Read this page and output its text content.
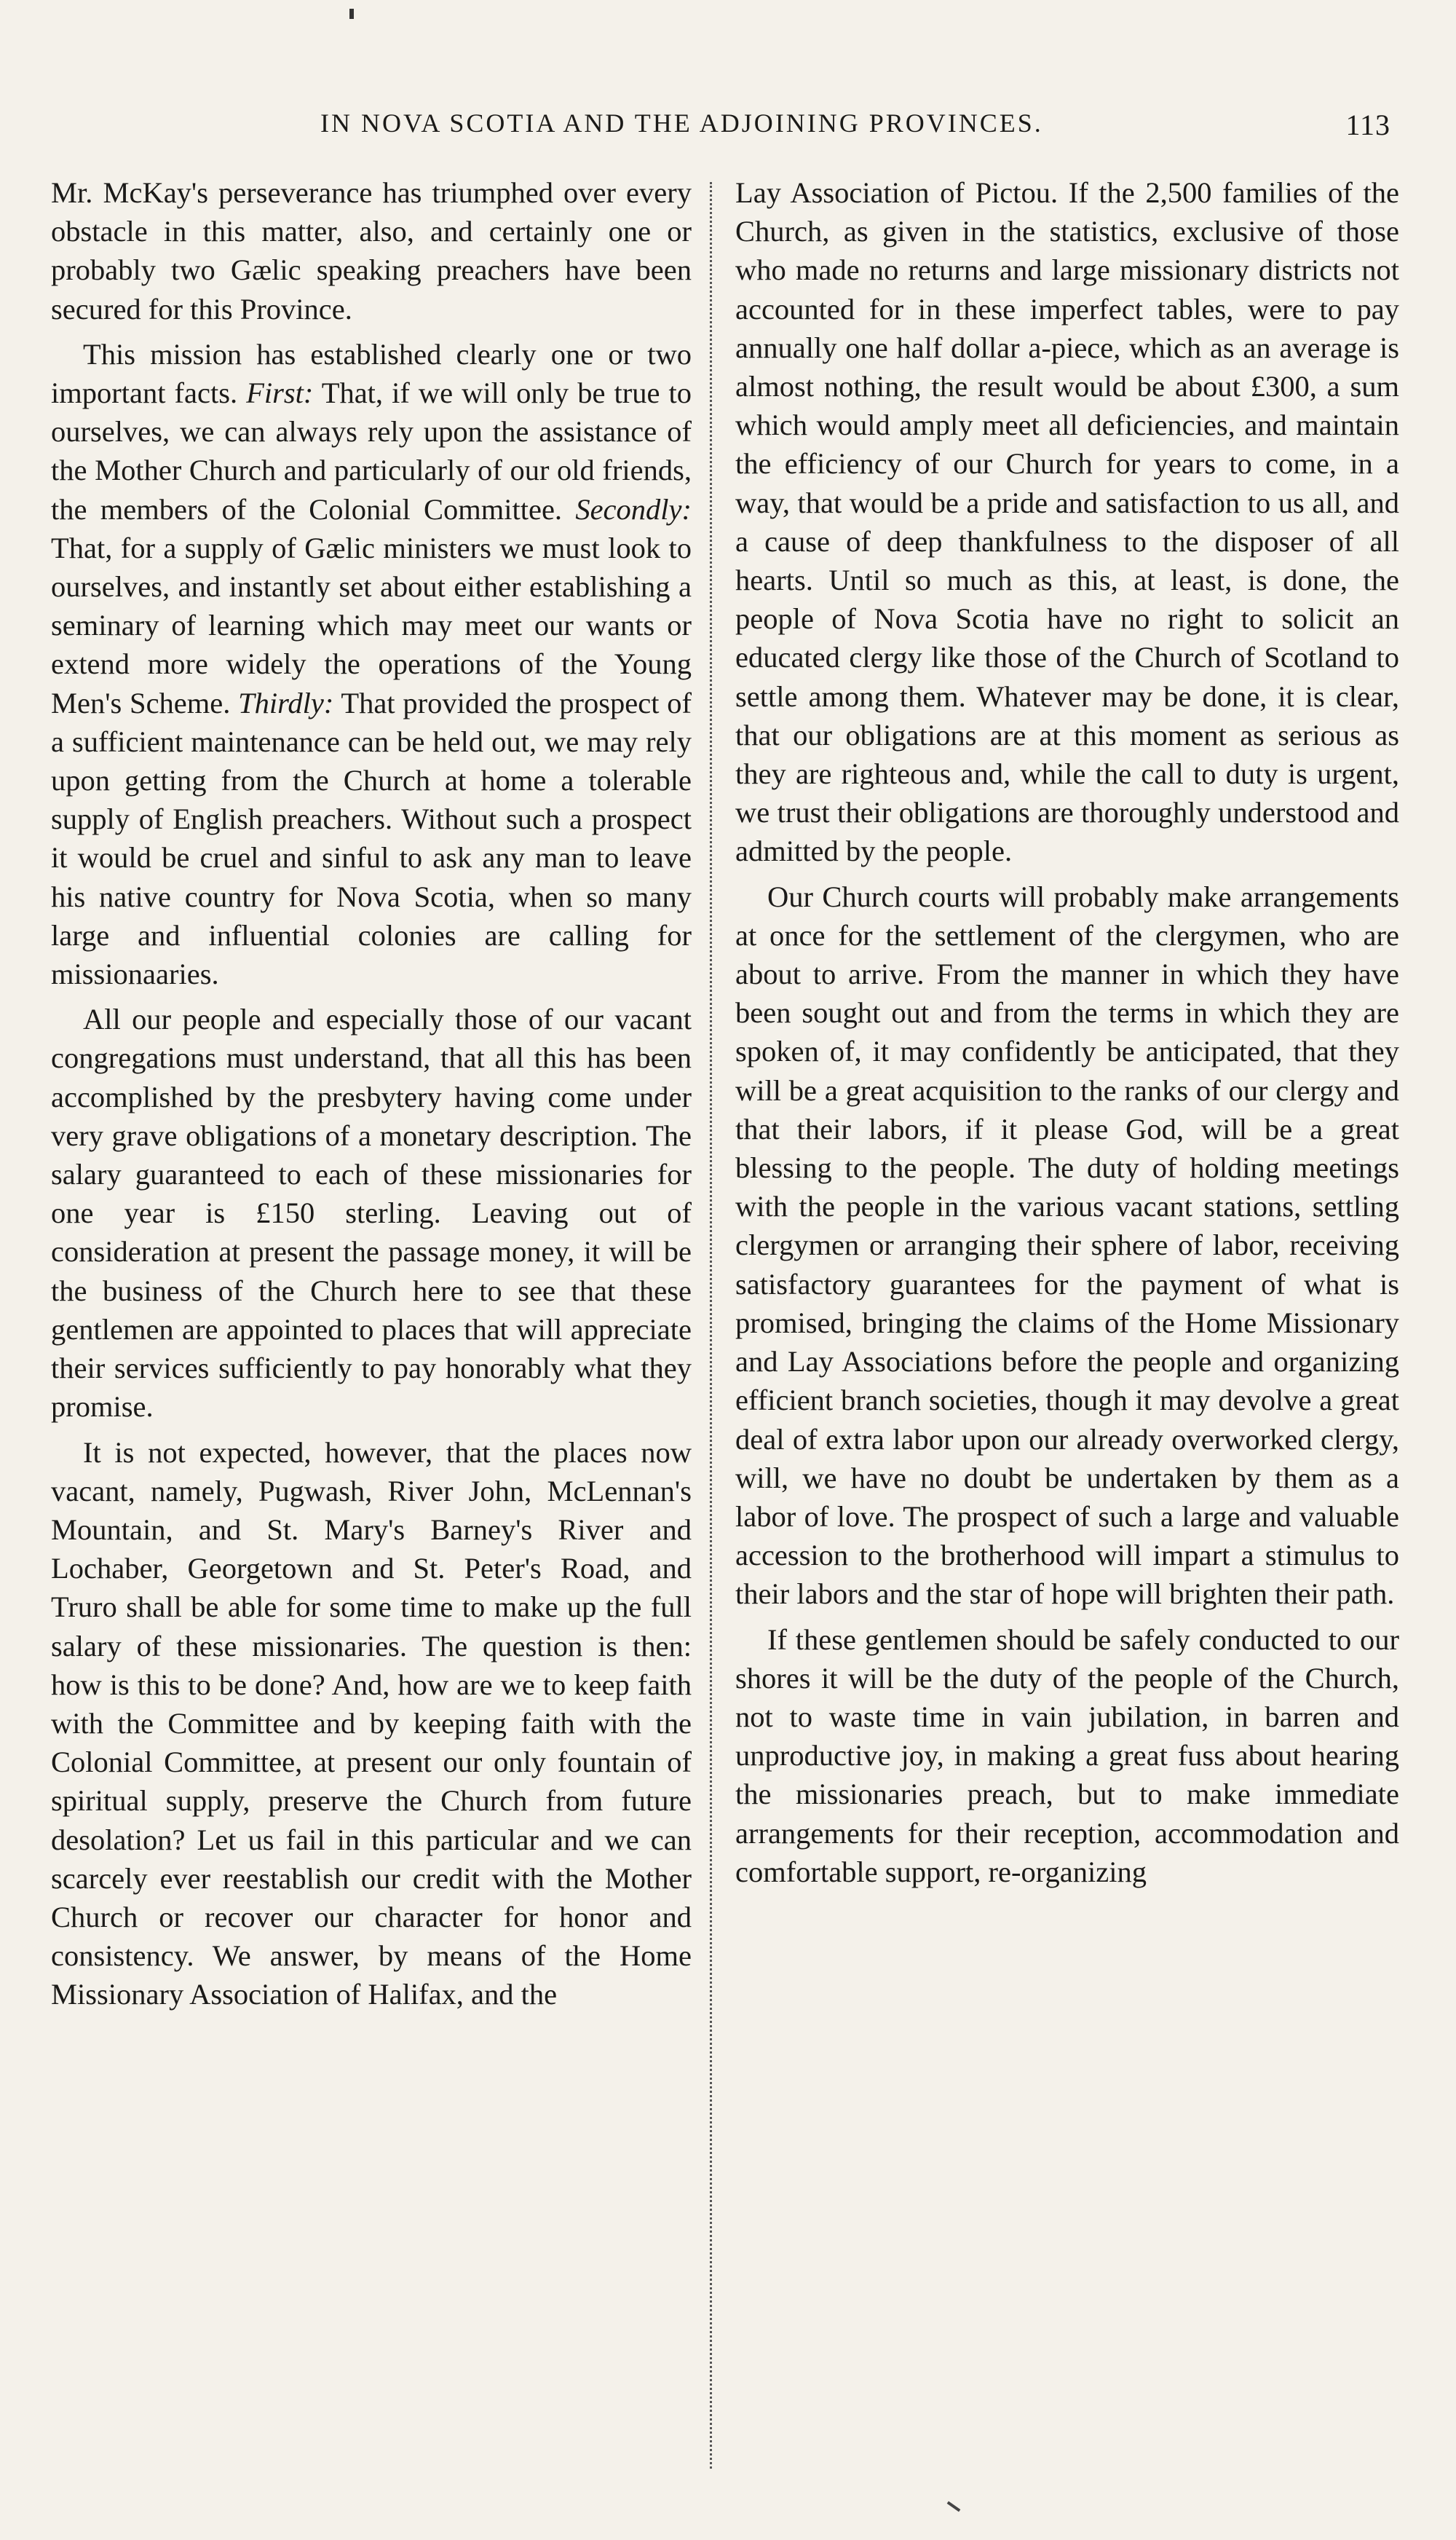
IN NOVA SCOTIA AND THE ADJOINING PROVINCES.	113

Mr. McKay's perseverance has triumphed over every obstacle in this matter, also, and certainly one or probably two Gælic speaking preachers have been secured for this Province.

This mission has established clearly one or two important facts. First: That, if we will only be true to ourselves, we can always rely upon the assistance of the Mother Church and particularly of our old friends, the members of the Colonial Committee. Secondly: That, for a supply of Gælic ministers we must look to ourselves, and instantly set about either establishing a seminary of learning which may meet our wants or extend more widely the operations of the Young Men's Scheme. Thirdly: That provided the prospect of a sufficient maintenance can be held out, we may rely upon getting from the Church at home a tolerable supply of English preachers. Without such a prospect it would be cruel and sinful to ask any man to leave his native country for Nova Scotia, when so many large and influential colonies are calling for missionaaries.

All our people and especially those of our vacant congregations must understand, that all this has been accomplished by the presbytery having come under very grave obligations of a monetary description. The salary guaranteed to each of these missionaries for one year is £150 sterling. Leaving out of consideration at present the passage money, it will be the business of the Church here to see that these gentlemen are appointed to places that will appreciate their services sufficiently to pay honorably what they promise.

It is not expected, however, that the places now vacant, namely, Pugwash, River John, McLennan's Mountain, and St. Mary's Barney's River and Lochaber, Georgetown and St. Peter's Road, and Truro shall be able for some time to make up the full salary of these missionaries. The question is then: how is this to be done? And, how are we to keep faith with the Committee and by keeping faith with the Colonial Committee, at present our only fountain of spiritual supply, preserve the Church from future desolation? Let us fail in this particular and we can scarcely ever reestablish our credit with the Mother Church or recover our character for honor and consistency. We answer, by means of the Home Missionary Association of Halifax, and the

Lay Association of Pictou. If the 2,500 families of the Church, as given in the statistics, exclusive of those who made no returns and large missionary districts not accounted for in these imperfect tables, were to pay annually one half dollar a-piece, which as an average is almost nothing, the result would be about £300, a sum which would amply meet all deficiencies, and maintain the efficiency of our Church for years to come, in a way, that would be a pride and satisfaction to us all, and a cause of deep thankfulness to the disposer of all hearts. Until so much as this, at least, is done, the people of Nova Scotia have no right to solicit an educated clergy like those of the Church of Scotland to settle among them. Whatever may be done, it is clear, that our obligations are at this moment as serious as they are righteous and, while the call to duty is urgent, we trust their obligations are thoroughly understood and admitted by the people.

Our Church courts will probably make arrangements at once for the settlement of the clergymen, who are about to arrive. From the manner in which they have been sought out and from the terms in which they are spoken of, it may confidently be anticipated, that they will be a great acquisition to the ranks of our clergy and that their labors, if it please God, will be a great blessing to the people. The duty of holding meetings with the people in the various vacant stations, settling clergymen or arranging their sphere of labor, receiving satisfactory guarantees for the payment of what is promised, bringing the claims of the Home Missionary and Lay Associations before the people and organizing efficient branch societies, though it may devolve a great deal of extra labor upon our already overworked clergy, will, we have no doubt be undertaken by them as a labor of love. The prospect of such a large and valuable accession to the brotherhood will impart a stimulus to their labors and the star of hope will brighten their path.

If these gentlemen should be safely conducted to our shores it will be the duty of the people of the Church, not to waste time in vain jubilation, in barren and unproductive joy, in making a great fuss about hearing the missionaries preach, but to make immediate arrangements for their reception, accommodation and comfortable support, re-organizing
